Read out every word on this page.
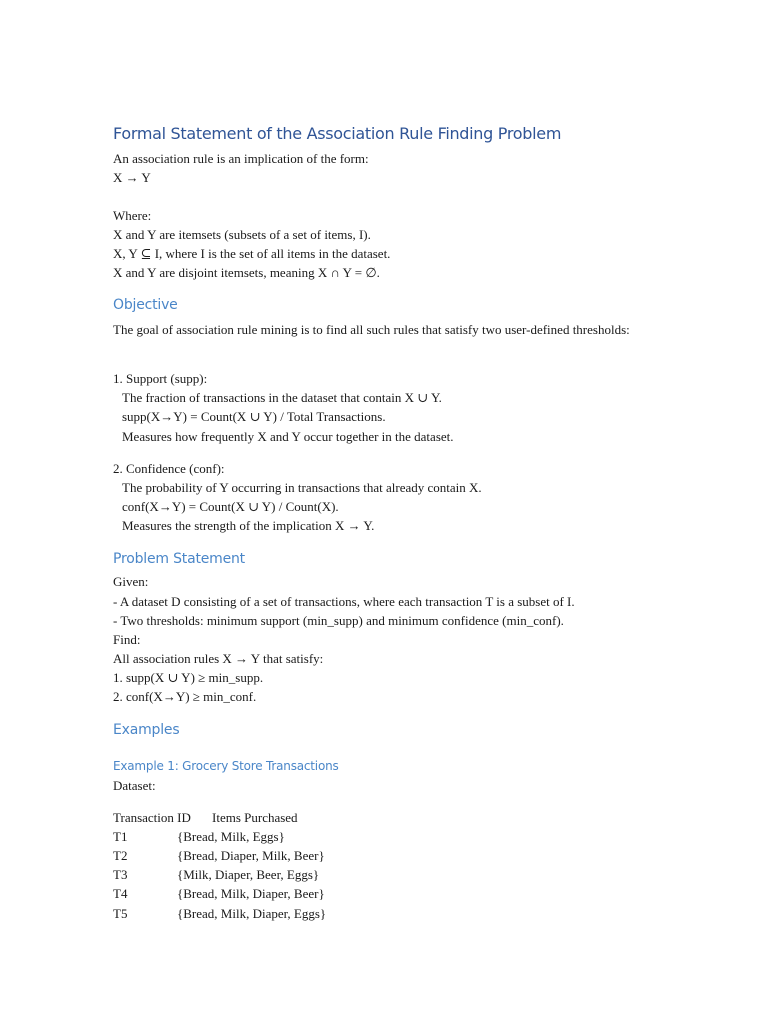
Formal Statement of the Association Rule Finding Problem
An association rule is an implication of the form:
X → Y
Where:
X and Y are itemsets (subsets of a set of items, I).
X, Y ⊆ I, where I is the set of all items in the dataset.
X and Y are disjoint itemsets, meaning X ∩ Y = ∅.
Objective
The goal of association rule mining is to find all such rules that satisfy two user-defined thresholds:
1. Support (supp):
The fraction of transactions in the dataset that contain X ∪ Y.
supp(X→Y) = Count(X ∪ Y) / Total Transactions.
Measures how frequently X and Y occur together in the dataset.
2. Confidence (conf):
The probability of Y occurring in transactions that already contain X.
conf(X→Y) = Count(X ∪ Y) / Count(X).
Measures the strength of the implication X → Y.
Problem Statement
Given:
- A dataset D consisting of a set of transactions, where each transaction T is a subset of I.
- Two thresholds: minimum support (min_supp) and minimum confidence (min_conf).
Find:
All association rules X → Y that satisfy:
1. supp(X ∪ Y) ≥ min_supp.
2. conf(X→Y) ≥ min_conf.
Examples
Example 1: Grocery Store Transactions
Dataset:
Transaction ID Items Purchased
T1	{Bread, Milk, Eggs}
T2	{Bread, Diaper, Milk, Beer}
T3	{Milk, Diaper, Beer, Eggs}
T4	{Bread, Milk, Diaper, Beer}
T5	{Bread, Milk, Diaper, Eggs}
